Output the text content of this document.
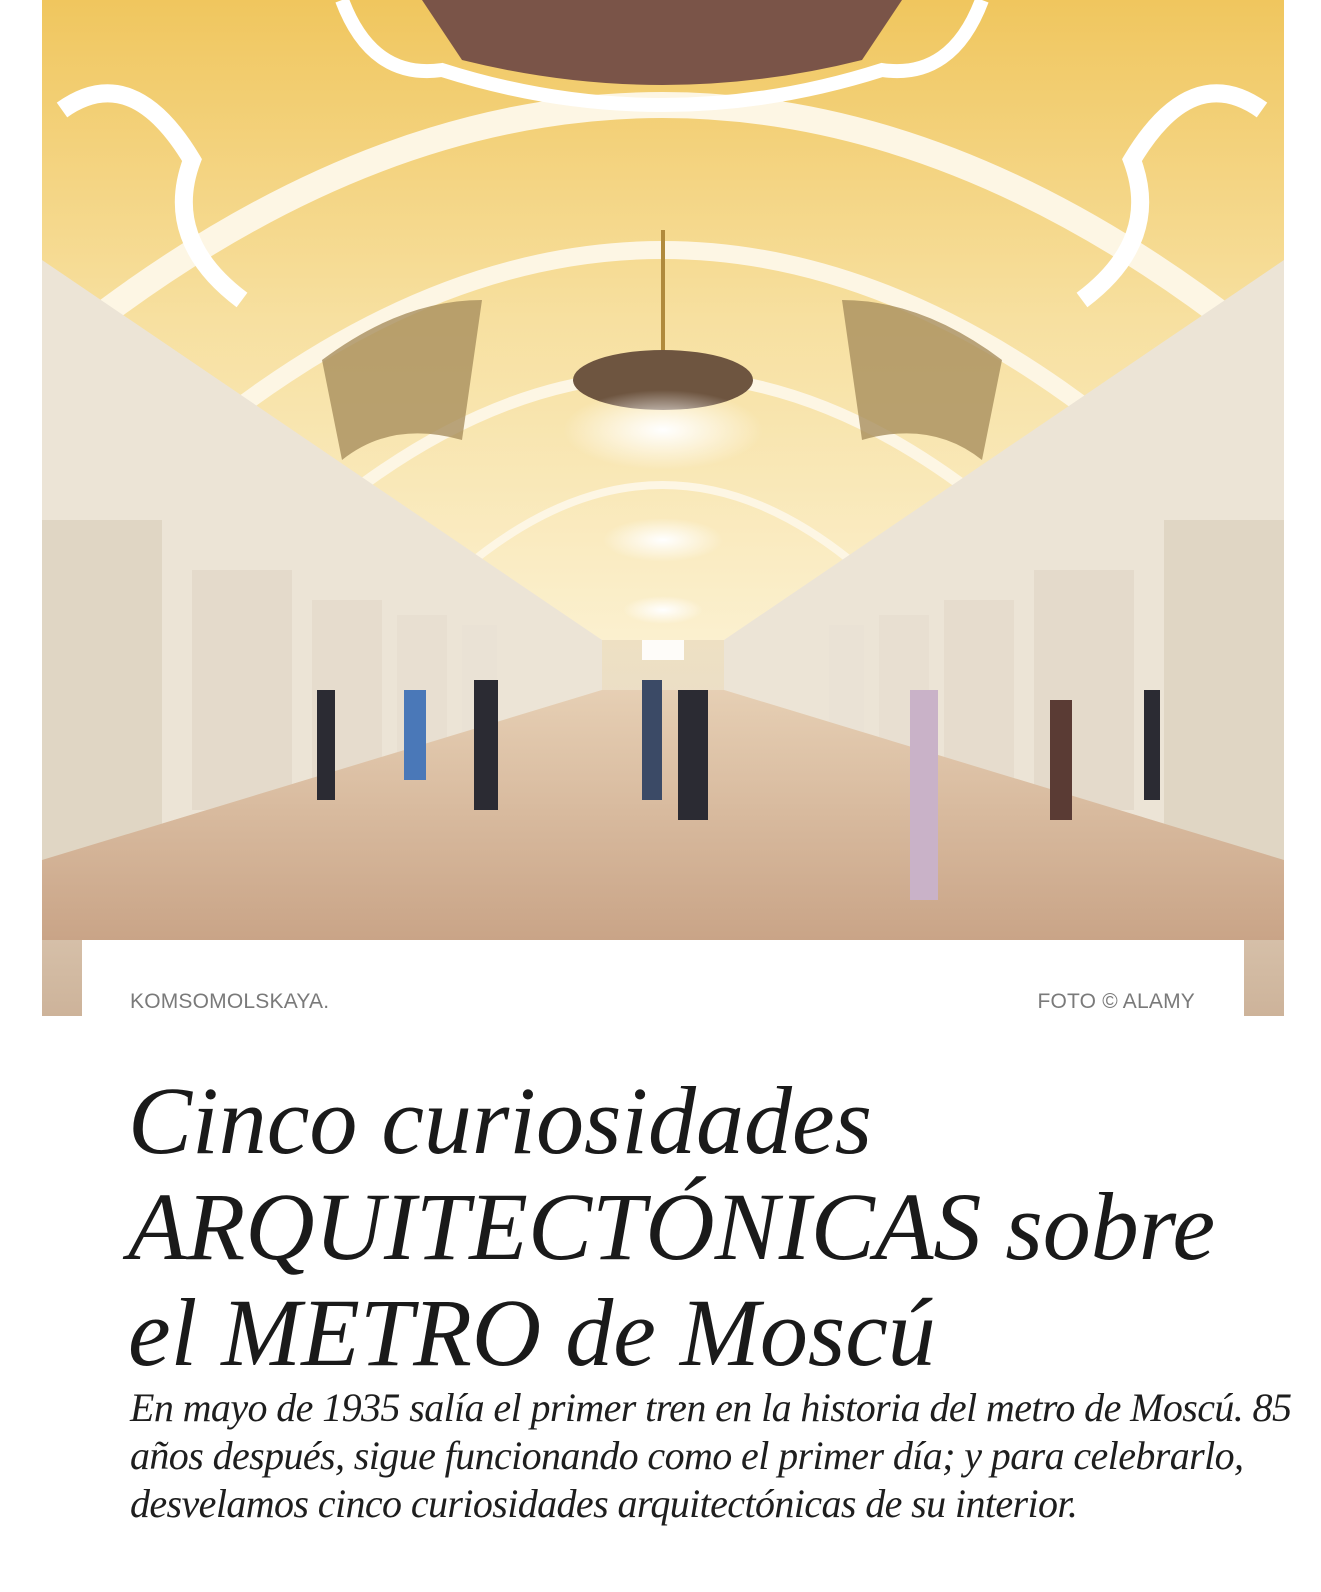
KOMSOMOLSKAYA.	FOTO © ALAMY
Cinco curiosidades ARQUITECTÓNICAS sobre el METRO de Moscú

En mayo de 1935 salía el primer tren en la historia del metro de Moscú. 85 años después, sigue funcionando como el primer día; y para celebrarlo, desvelamos cinco curiosidades arquitectónicas de su interior.
